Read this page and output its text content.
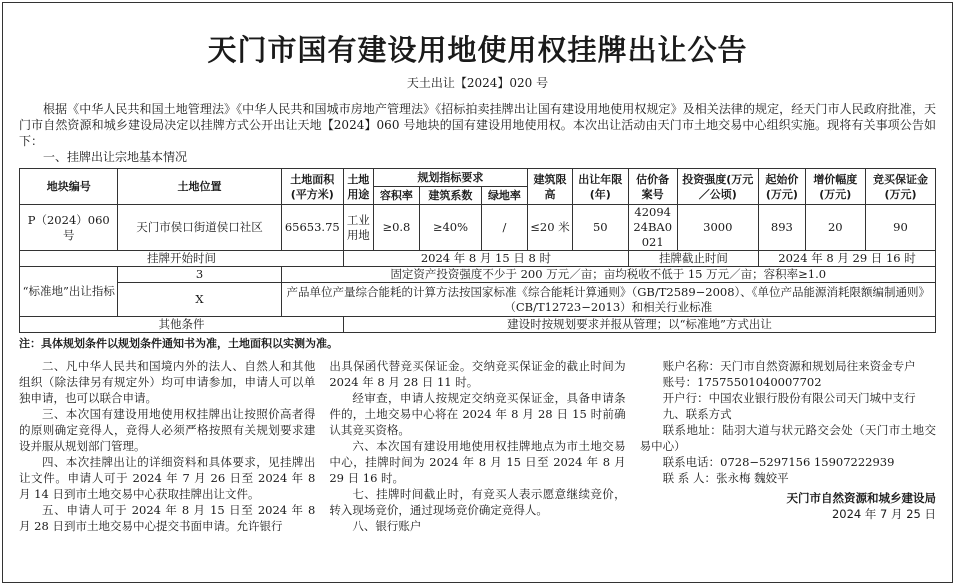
天门市国有建设用地使用权挂牌出让公告
天土出让【2024】020 号
根据《中华人民共和国土地管理法》《中华人民共和国城市房地产管理法》《招标拍卖挂牌出让国有建设用地使用权规定》及相关法律的规定，经天门市人民政府批准，天门市自然资源和城乡建设局决定以挂牌方式公开出让天地【2024】060 号地块的国有建设用地使用权。本次出让活动由天门市土地交易中心组织实施。现将有关事项公告如下：
一、挂牌出让宗地基本情况
地块编号	土地位置	土地面积(平方米)	土地用途	规划指标要求			建筑限高	出让年限(年)	估价备案号	投资强度(万元／公顷)	起始价(万元)	增价幅度(万元)	竞买保证金(万元)
				容积率	建筑系数	绿地率							
P（2024）060 号	天门市侯口街道侯口社区	65653.75	工业用地	≥0.8	≥40%	/	≤20 米	50	4209424BA0021	3000	893	20	90
挂牌开始时间			2024 年 8 月 15 日 8 时						挂牌截止时间		2024 年 8 月 29 日 16 时		
“标准地”出让指标	3	固定资产投资强度不少于 200 万元／亩；亩均税收不低于 15 万元／亩；容积率≥1.0											
	X	产品单位产量综合能耗的计算方法按国家标准《综合能耗计算通则》（GB/T2589−2008）、《单位产品能源消耗限额编制通则》（CB/T12723−2013）和相关行业标准											
其他条件			建设时按规划要求并报从管理；以“标准地”方式出让										
注：具体规划条件以规划条件通知书为准，土地面积以实测为准。

二、凡中华人民共和国境内外的法人、自然人和其他组织（除法律另有规定外）均可申请参加，申请人可以单独申请，也可以联合申请。

三、本次国有建设用地使用权挂牌出让按照价高者得的原则确定竞得人，竞得人必须严格按照有关规划要求建设并服从规划部门管理。

四、本次挂牌出让的详细资料和具体要求，见挂牌出让文件。申请人可于 2024 年 7 月 26 日至 2024 年 8 月 14 日到市土地交易中心获取挂牌出让文件。

五、申请人可于 2024 年 8 月 15 日至 2024 年 8 月 28 日到市土地交易中心提交书面申请。允许银行

出具保函代替竞买保证金。交纳竞买保证金的截止时间为 2024 年 8 月 28 日 11 时。

经审查，申请人按规定交纳竞买保证金，具备申请条件的，土地交易中心将在 2024 年 8 月 28 日 15 时前确认其竞买资格。

六、本次国有建设用地使用权挂牌地点为市土地交易中心，挂牌时间为 2024 年 8 月 15 日至 2024 年 8 月 29 日 16 时。

七、挂牌时间截止时，有竞买人表示愿意继续竞价，转入现场竞价，通过现场竞价确定竞得人。

八、银行账户

账户名称：天门市自然资源和规划局往来资金专户

账号：17575501040007702

开户行：中国农业银行股份有限公司天门城中支行

九、联系方式

联系地址：陆羽大道与状元路交会处（天门市土地交易中心）

联系电话：0728−5297156 15907222939

联 系 人：张永梅 魏姣平

天门市自然资源和城乡建设局
2024 年 7 月 25 日
